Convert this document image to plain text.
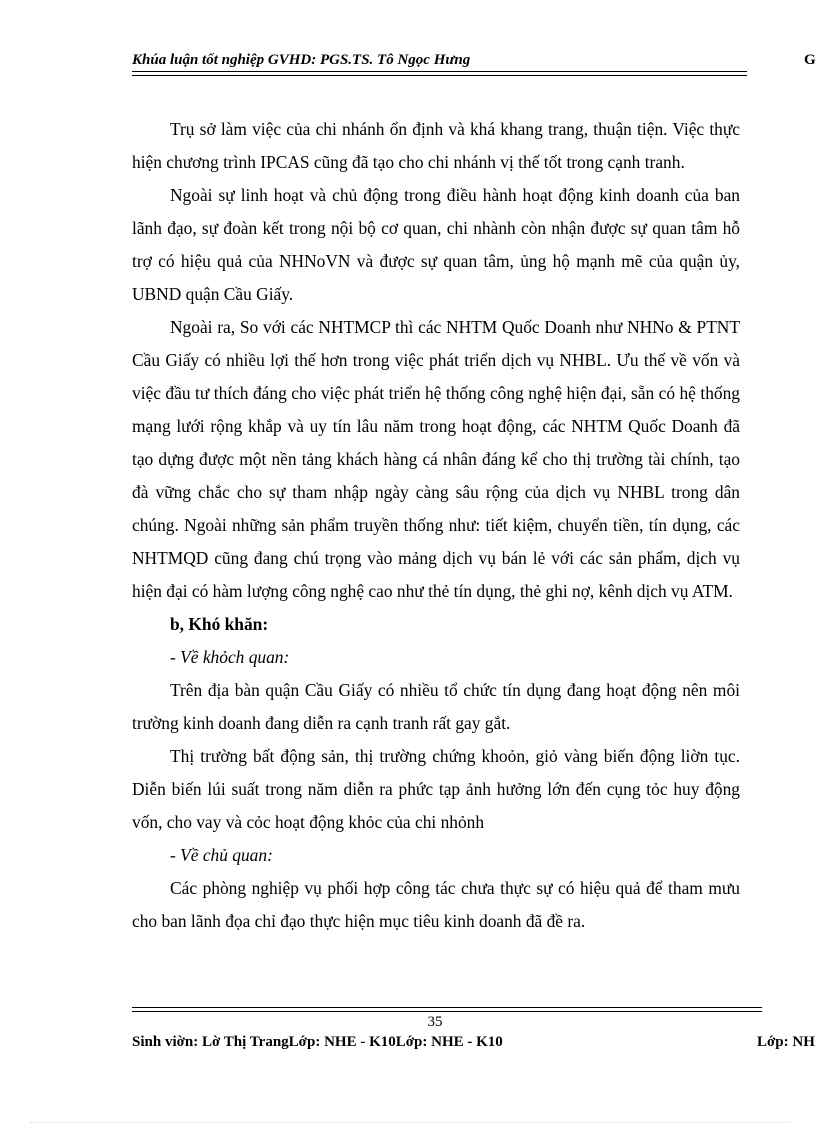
Khúa luận tốt nghiệp GVHD: PGS.TS. Tô Ngọc Hưng	G

Trụ sở làm việc của chi nhánh ổn định và khá khang trang, thuận tiện. Việc thực hiện chương trình IPCAS cũng đã tạo cho chi nhánh vị thế tốt trong cạnh tranh.

Ngoài sự linh hoạt và chủ động trong điều hành hoạt động kinh doanh của ban lãnh đạo, sự đoàn kết trong nội bộ cơ quan, chi nhành còn nhận được sự quan tâm hỗ trợ có hiệu quả của NHNoVN và được sự quan tâm, ủng hộ mạnh mẽ của quận ủy, UBND quận Cầu Giấy.

Ngoài ra, So với các NHTMCP thì các NHTM Quốc Doanh như NHNo & PTNT Cầu Giấy có nhiều lợi thế hơn trong việc phát triển dịch vụ NHBL. Ưu thế về vốn và việc đầu tư thích đáng cho việc phát triển hệ thống công nghệ hiện đại, sẵn có hệ thống mạng lưới rộng khắp và uy tín lâu năm trong hoạt động, các NHTM Quốc Doanh đã tạo dựng được một nền tảng khách hàng cá nhân đáng kể cho thị trường tài chính, tạo đà vững chắc cho sự tham nhập ngày càng sâu rộng của dịch vụ NHBL trong dân chúng. Ngoài những sản phẩm truyền thống như: tiết kiệm, chuyển tiền, tín dụng, các NHTMQD cũng đang chú trọng vào mảng dịch vụ bán lẻ với các sản phẩm, dịch vụ hiện đại có hàm lượng công nghệ cao như thẻ tín dụng, thẻ ghi nợ, kênh dịch vụ ATM.

b, Khó khăn:

- Về khỏch quan:

Trên địa bàn quận Cầu Giấy có nhiều tổ chức tín dụng đang hoạt động nên môi trường kinh doanh đang diễn ra cạnh tranh rất gay gắt.

Thị trường bất động sản, thị trường chứng khoỏn, giỏ vàng biến động liờn tục. Diễn biến lúi suất trong năm diễn ra phức tạp ảnh hưởng lớn đến cụng tỏc huy động vốn, cho vay và cỏc hoạt động khỏc của chi nhỏnh

- Về chủ quan:

Các phòng nghiệp vụ phối hợp công tác chưa thực sự có hiệu quả để tham mưu cho ban lãnh đọa chỉ đạo thực hiện mục tiêu kinh doanh đã đề ra.

35
Sinh viờn: Lờ Thị TrangLớp: NHE - K10Lớp: NHE - K10	Lớp: NH
